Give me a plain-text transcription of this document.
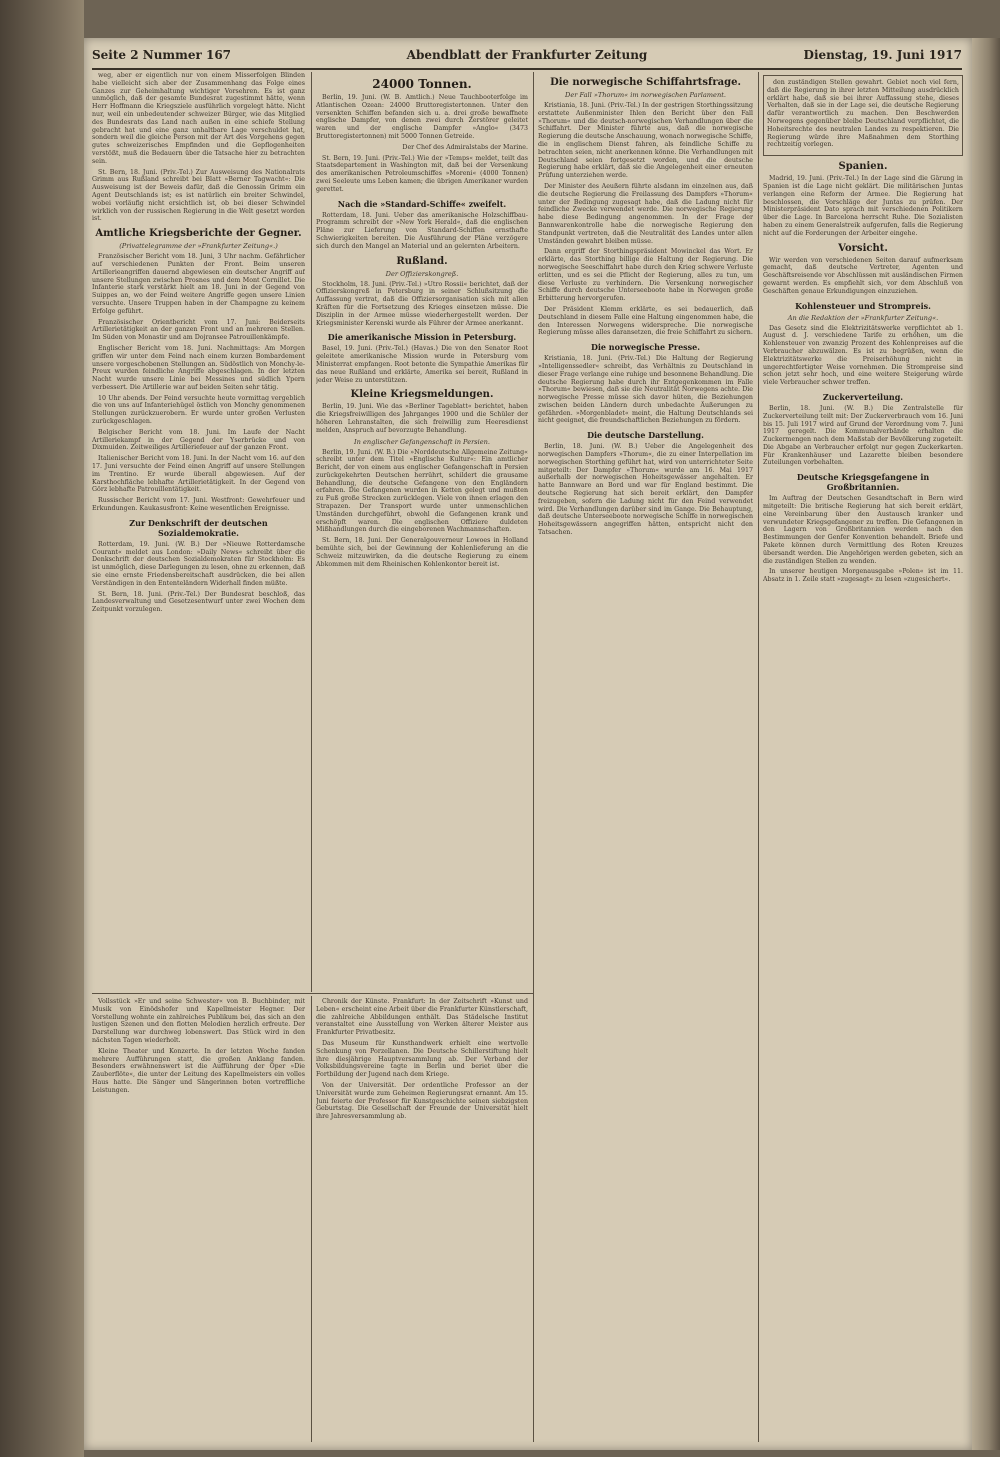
Seite 2 Nummer 167	Abendblatt der Frankfurter Zeitung	Dienstag, 19. Juni 1917

weg, aber er eigentlich nur von einem Misserfolgen Blinden habe vielleicht sich aber der Zusammenhang das Folge eines Ganzes zur Geheimhaltung wichtiger Vorsehren. Es ist ganz unmöglich, daß der gesamte Bundesrat zugestimmt hätte, wenn Herr Hoffmann die Kriegsziele ausführlich vorgelegt hätte. Nicht nur, weil ein unbedeutender schweizer Bürger, wie das Mitglied des Bundesrats das Land nach außen in eine schiefe Stellung gebracht hat und eine ganz unhaltbare Lage verschuldet hat, sondern weil die gleiche Person mit der Art des Vorgehens gegen gutes schweizerisches Empfinden und die Gepflogenheiten verstößt, muß die Bedauern über die Tatsache hier zu betrachten sein.

St. Bern, 18. Juni. (Priv.-Tel.) Zur Ausweisung des Nationalrats Grimm aus Rußland schreibt bei Blatt »Berner Tagwacht«: Die Ausweisung ist der Beweis dafür, daß die Genossin Grimm ein Agent Deutschlands ist; es ist natürlich ein breiter Schwindel, wobei vorläufig nicht ersichtlich ist, ob bei dieser Schwindel wirklich von der russischen Regierung in die Welt gesetzt worden ist.

Amtliche Kriegsberichte der Gegner.
(Privattelegramme der »Frankfurter Zeitung«.)

Französischer Bericht vom 18. Juni, 3 Uhr nachm. Gefährlicher auf verschiedenen Punkten der Front. Beim unseren Artillerieangriffen dauernd abgewiesen ein deutscher Angriff auf unsere Stellungen zwischen Prosnes und dem Mont Cornillet. Die Infanterie stark verstärkt hielt am 18. Juni in der Gegend von Suippes an, wo der Feind weitere Angriffe gegen unsere Linien versuchte. Unsere Truppen haben in der Champagne zu keinem Erfolge geführt.

Französischer Orientbericht vom 17. Juni: Beiderseits Artillerietätigkeit an der ganzen Front und an mehreren Stellen. Im Süden von Monastir und am Dojransee Patrouillenkämpfe.

Englischer Bericht vom 18. Juni. Nachmittags: Am Morgen griffen wir unter dem Feind nach einem kurzen Bombardement unsere vorgeschobenen Stellungen an. Südöstlich von Monchy-le-Preux wurden feindliche Angriffe abgeschlagen. In der letzten Nacht wurde unsere Linie bei Messines und südlich Ypern verbessert. Die Artillerie war auf beiden Seiten sehr tätig.

10 Uhr abends. Der Feind versuchte heute vormittag vergeblich die von uns auf Infanteriehügel östlich von Monchy genommenen Stellungen zurückzuerobern. Er wurde unter großen Verlusten zurückgeschlagen.

Belgischer Bericht vom 18. Juni. Im Laufe der Nacht Artilleriekampf in der Gegend der Yserbrücke und von Dixmuiden. Zeitweiliges Artilleriefeuer auf der ganzen Front.

Italienischer Bericht vom 18. Juni. In der Nacht vom 16. auf den 17. Juni versuchte der Feind einen Angriff auf unsere Stellungen im Trentino. Er wurde überall abgewiesen. Auf der Karsthochfläche lebhafte Artillerietätigkeit. In der Gegend von Görz lebhafte Patrouillentätigkeit.

Russischer Bericht vom 17. Juni. Westfront: Gewehrfeuer und Erkundungen. Kaukasusfront: Keine wesentlichen Ereignisse.

Zur Denkschrift der deutschen Sozialdemokratie.

Rotterdam, 19. Juni. (W. B.) Der »Nieuwe Rotterdamsche Courant« meldet aus London: »Daily News« schreibt über die Denkschrift der deutschen Sozialdemokraten für Stockholm: Es ist unmöglich, diese Darlegungen zu lesen, ohne zu erkennen, daß sie eine ernste Friedensbereitschaft ausdrücken, die bei allen Verständigen in den Ententeländern Widerhall finden müßte.

St. Bern, 18. Juni. (Priv.-Tel.) Der Bundesrat beschloß, das Landesverwaltung und Gesetzesentwurf unter zwei Wochen dem Zeitpunkt vorzulegen.

24000 Tonnen.

Berlin, 19. Juni. (W. B. Amtlich.) Neue Tauchbooterfolge im Atlantischen Ozean: 24000 Bruttoregistertonnen. Unter den versenkten Schiffen befanden sich u. a. drei große bewaffnete englische Dampfer, von denen zwei durch Zerstörer geleitet waren und der englische Dampfer »Anglo« (3473 Bruttoregistertonnen) mit 5000 Tonnen Getreide.

Der Chef des Admiralstabs der Marine.

St. Bern, 19. Juni. (Priv.-Tel.) Wie der »Temps« meldet, teilt das Staatsdepartement in Washington mit, daß bei der Versenkung des amerikanischen Petroleumschiffes »Moreni« (4000 Tonnen) zwei Seeleute ums Leben kamen; die übrigen Amerikaner wurden gerettet.

Nach die »Standard-Schiffe« zweifelt.

Rotterdam, 18. Juni. Ueber das amerikanische Holzschiffbau-Programm schreibt der »New York Herald«, daß die englischen Pläne zur Lieferung von Standard-Schiffen ernsthafte Schwierigkeiten bereiten. Die Ausführung der Pläne verzögere sich durch den Mangel an Material und an gelernten Arbeitern.

Rußland.
Der Offizierskongreß.

Stockholm, 18. Juni. (Priv.-Tel.) »Utro Rossii« berichtet, daß der Offizierskongreß in Petersburg in seiner Schlußsitzung die Auffassung vertrat, daß die Offiziersorganisation sich mit allen Kräften für die Fortsetzung des Krieges einsetzen müsse. Die Disziplin in der Armee müsse wiederhergestellt werden. Der Kriegsminister Kerenski wurde als Führer der Armee anerkannt.

Die amerikanische Mission in Petersburg.

Basel, 19. Juni. (Priv.-Tel.) (Havas.) Die von den Senator Root geleitete amerikanische Mission wurde in Petersburg vom Ministerrat empfangen. Root betonte die Sympathie Amerikas für das neue Rußland und erklärte, Amerika sei bereit, Rußland in jeder Weise zu unterstützen.

Kleine Kriegsmeldungen.

Berlin, 19. Juni. Wie das »Berliner Tageblatt« berichtet, haben die Kriegsfreiwilligen des Jahrganges 1900 und die Schüler der höheren Lehranstalten, die sich freiwillig zum Heeresdienst melden, Anspruch auf bevorzugte Behandlung.

In englischer Gefangenschaft in Persien.

Berlin, 19. Juni. (W. B.) Die »Norddeutsche Allgemeine Zeitung« schreibt unter dem Titel »Englische Kultur«: Ein amtlicher Bericht, der von einem aus englischer Gefangenschaft in Persien zurückgekehrten Deutschen herrührt, schildert die grausame Behandlung, die deutsche Gefangene von den Engländern erfahren. Die Gefangenen wurden in Ketten gelegt und mußten zu Fuß große Strecken zurücklegen. Viele von ihnen erlagen den Strapazen. Der Transport wurde unter unmenschlichen Umständen durchgeführt, obwohl die Gefangenen krank und erschöpft waren. Die englischen Offiziere duldeten Mißhandlungen durch die eingeborenen Wachmannschaften.

St. Bern, 18. Juni. Der Generalgouverneur Lowoes in Holland bemühte sich, bei der Gewinnung der Kohlenlieferung an die Schweiz mitzuwirken, da die deutsche Regierung zu einem Abkommen mit dem Rheinischen Kohlenkontor bereit ist.

Die norwegische Schiffahrtsfrage.
Der Fall »Thorum« im norwegischen Parlament.

Kristiania, 18. Juni. (Priv.-Tel.) In der gestrigen Storthingssitzung erstattete Außenminister Ihlen den Bericht über den Fall »Thorum« und die deutsch-norwegischen Verhandlungen über die Schiffahrt. Der Minister führte aus, daß die norwegische Regierung die deutsche Anschauung, wonach norwegische Schiffe, die in englischem Dienst fahren, als feindliche Schiffe zu betrachten seien, nicht anerkennen könne. Die Verhandlungen mit Deutschland seien fortgesetzt worden, und die deutsche Regierung habe erklärt, daß sie die Angelegenheit einer erneuten Prüfung unterziehen werde.

Der Minister des Aeußern führte alsdann im einzelnen aus, daß die deutsche Regierung die Freilassung des Dampfers »Thorum« unter der Bedingung zugesagt habe, daß die Ladung nicht für feindliche Zwecke verwendet werde. Die norwegische Regierung habe diese Bedingung angenommen. In der Frage der Bannwarenkontrolle habe die norwegische Regierung den Standpunkt vertreten, daß die Neutralität des Landes unter allen Umständen gewahrt bleiben müsse.

Dann ergriff der Storthingspräsident Mowinckel das Wort. Er erklärte, das Storthing billige die Haltung der Regierung. Die norwegische Seeschiffahrt habe durch den Krieg schwere Verluste erlitten, und es sei die Pflicht der Regierung, alles zu tun, um diese Verluste zu verhindern. Die Versenkung norwegischer Schiffe durch deutsche Unterseeboote habe in Norwegen große Erbitterung hervorgerufen.

Der Präsident Klemm erklärte, es sei bedauerlich, daß Deutschland in diesem Falle eine Haltung eingenommen habe, die den Interessen Norwegens widerspreche. Die norwegische Regierung müsse alles daransetzen, die freie Schiffahrt zu sichern.

Die norwegische Presse.

Kristiania, 18. Juni. (Priv.-Tel.) Die Haltung der Regierung »Intelligenssedler« schreibt, das Verhältnis zu Deutschland in dieser Frage verlange eine ruhige und besonnene Behandlung. Die deutsche Regierung habe durch ihr Entgegenkommen im Falle »Thorum« bewiesen, daß sie die Neutralität Norwegens achte. Die norwegische Presse müsse sich davor hüten, die Beziehungen zwischen beiden Ländern durch unbedachte Äußerungen zu gefährden. »Morgenbladet« meint, die Haltung Deutschlands sei nicht geeignet, die freundschaftlichen Beziehungen zu fördern.

Die deutsche Darstellung.

Berlin, 18. Juni. (W. B.) Ueber die Angelegenheit des norwegischen Dampfers »Thorum«, die zu einer Interpellation im norwegischen Storthing geführt hat, wird von unterrichteter Seite mitgeteilt: Der Dampfer »Thorum« wurde am 16. Mai 1917 außerhalb der norwegischen Hoheitsgewässer angehalten. Er hatte Bannware an Bord und war für England bestimmt. Die deutsche Regierung hat sich bereit erklärt, den Dampfer freizugeben, sofern die Ladung nicht für den Feind verwendet wird. Die Verhandlungen darüber sind im Gange. Die Behauptung, daß deutsche Unterseeboote norwegische Schiffe in norwegischen Hoheitsgewässern angegriffen hätten, entspricht nicht den Tatsachen.

den zuständigen Stellen gewahrt. Gebiet noch viel fern, daß die Regierung in ihrer letzten Mitteilung ausdrücklich erklärt habe, daß sie bei ihrer Auffassung stehe, dieses Verhalten, daß sie in der Lage sei, die deutsche Regierung dafür verantwortlich zu machen. Den Beschwerden Norwegens gegenüber bleibe Deutschland verpflichtet, die Hoheitsrechte des neutralen Landes zu respektieren. Die Regierung würde ihre Maßnahmen dem Storthing rechtzeitig vorlegen.

Spanien.

Madrid, 19. Juni. (Priv.-Tel.) In der Lage sind die Gärung in Spanien ist die Lage nicht geklärt. Die militärischen Juntas verlangen eine Reform der Armee. Die Regierung hat beschlossen, die Vorschläge der Juntas zu prüfen. Der Ministerpräsident Dato sprach mit verschiedenen Politikern über die Lage. In Barcelona herrscht Ruhe. Die Sozialisten haben zu einem Generalstreik aufgerufen, falls die Regierung nicht auf die Forderungen der Arbeiter eingehe.

Vorsicht.

Wir werden von verschiedenen Seiten darauf aufmerksam gemacht, daß deutsche Vertreter, Agenten und Geschäftsreisende vor Abschlüssen mit ausländischen Firmen gewarnt werden. Es empfiehlt sich, vor dem Abschluß von Geschäften genaue Erkundigungen einzuziehen.

Kohlensteuer und Strompreis.
An die Redaktion der »Frankfurter Zeitung«.

Das Gesetz sind die Elektrizitätswerke verpflichtet ab 1. August d. J. verschiedene Tarife zu erhöhen, um die Kohlensteuer von zwanzig Prozent des Kohlenpreises auf die Verbraucher abzuwälzen. Es ist zu begrüßen, wenn die Elektrizitätswerke die Preiserhöhung nicht in ungerechtfertigter Weise vornehmen. Die Strompreise sind schon jetzt sehr hoch, und eine weitere Steigerung würde viele Verbraucher schwer treffen.

Zuckerverteilung.

Berlin, 18. Juni. (W. B.) Die Zentralstelle für Zuckerverteilung teilt mit: Der Zuckerverbrauch vom 16. Juni bis 15. Juli 1917 wird auf Grund der Verordnung vom 7. Juni 1917 geregelt. Die Kommunalverbände erhalten die Zuckermengen nach dem Maßstab der Bevölkerung zugeteilt. Die Abgabe an Verbraucher erfolgt nur gegen Zuckerkarten. Für Krankenhäuser und Lazarette bleiben besondere Zuteilungen vorbehalten.

Deutsche Kriegsgefangene in Großbritannien.

Im Auftrag der Deutschen Gesandtschaft in Bern wird mitgeteilt: Die britische Regierung hat sich bereit erklärt, eine Vereinbarung über den Austausch kranker und verwundeter Kriegsgefangener zu treffen. Die Gefangenen in den Lagern von Großbritannien werden nach den Bestimmungen der Genfer Konvention behandelt. Briefe und Pakete können durch Vermittlung des Roten Kreuzes übersandt werden. Die Angehörigen werden gebeten, sich an die zuständigen Stellen zu wenden.

In unserer heutigen Morgenausgabe »Polen« ist im 11. Absatz in 1. Zeile statt »zugesagt« zu lesen »zugesichert«.

Vollsstück »Er und seine Schwester« von B. Buchbinder, mit Musik von Einödshofer und Kapellmeister Hegner. Der Vorstellung wohnte ein zahlreiches Publikum bei, das sich an den lustigen Szenen und den flotten Melodien herzlich erfreute. Der Darstellung war durchweg lobenswert. Das Stück wird in den nächsten Tagen wiederholt.

Kleine Theater und Konzerte. In der letzten Woche fanden mehrere Aufführungen statt, die großen Anklang fanden. Besonders erwähnenswert ist die Aufführung der Oper »Die Zauberflöte«, die unter der Leitung des Kapellmeisters ein volles Haus hatte. Die Sänger und Sängerinnen boten vortreffliche Leistungen.

Chronik der Künste. Frankfurt: In der Zeitschrift »Kunst und Leben« erscheint eine Arbeit über die Frankfurter Künstlerschaft, die zahlreiche Abbildungen enthält. Das Städelsche Institut veranstaltet eine Ausstellung von Werken älterer Meister aus Frankfurter Privatbesitz.

Das Museum für Kunsthandwerk erhielt eine wertvolle Schenkung von Porzellanen. Die Deutsche Schillerstiftung hielt ihre diesjährige Hauptversammlung ab. Der Verband der Volksbildungsvereine tagte in Berlin und beriet über die Fortbildung der Jugend nach dem Kriege.

Von der Universität. Der ordentliche Professor an der Universität wurde zum Geheimen Regierungsrat ernannt. Am 15. Juni feierte der Professor für Kunstgeschichte seinen siebzigsten Geburtstag. Die Gesellschaft der Freunde der Universität hielt ihre Jahresversammlung ab.
